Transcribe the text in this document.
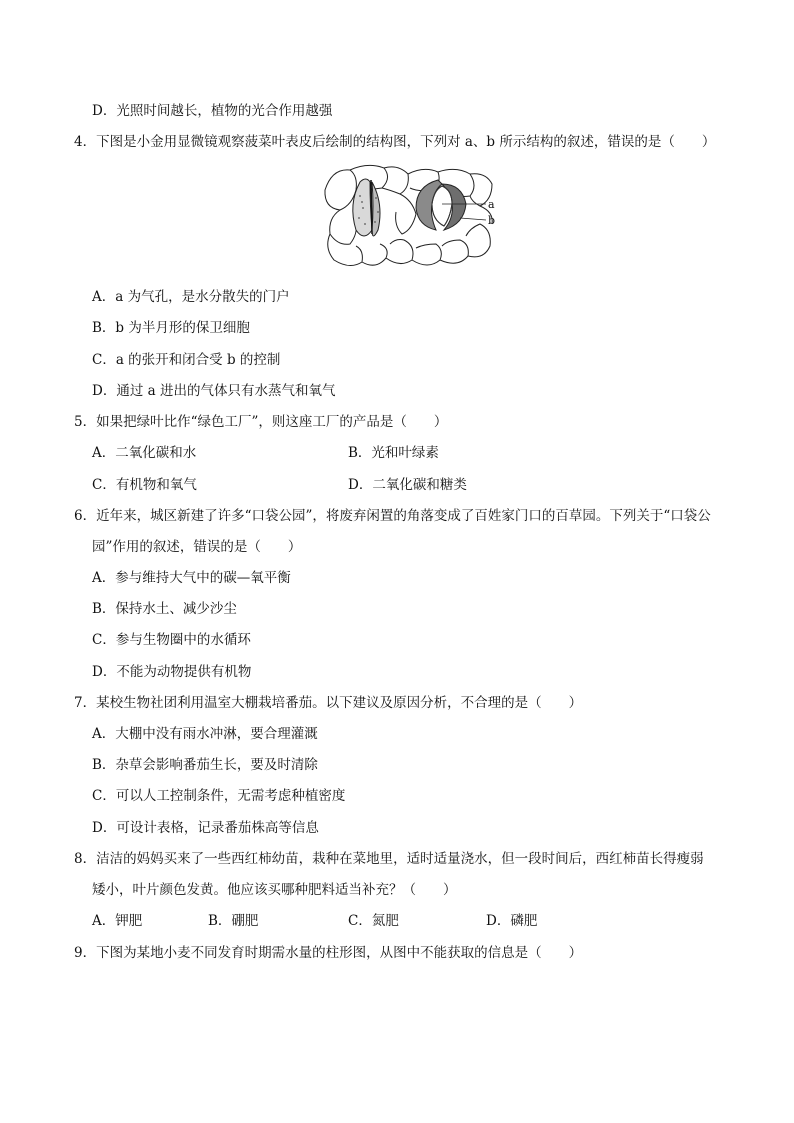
D．光照时间越长，植物的光合作用越强
4．下图是小金用显微镜观察菠菜叶表皮后绘制的结构图，下列对 a、b 所示结构的叙述，错误的是（　　）
a
b
A．a 为气孔，是水分散失的门户
B．b 为半月形的保卫细胞
C．a 的张开和闭合受 b 的控制
D．通过 a 进出的气体只有水蒸气和氧气
5．如果把绿叶比作“绿色工厂”，则这座工厂的产品是（　　）
A．二氧化碳和水	B．光和叶绿素
C．有机物和氧气	D．二氧化碳和糖类
6．近年来，城区新建了许多“口袋公园”，将废弃闲置的角落变成了百姓家门口的百草园。下列关于“口袋公
园”作用的叙述，错误的是（　　）
A．参与维持大气中的碳—氧平衡
B．保持水土、减少沙尘
C．参与生物圈中的水循环
D．不能为动物提供有机物
7．某校生物社团利用温室大棚栽培番茄。以下建议及原因分析，不合理的是（　　）
A．大棚中没有雨水冲淋，要合理灌溉
B．杂草会影响番茄生长，要及时清除
C．可以人工控制条件，无需考虑种植密度
D．可设计表格，记录番茄株高等信息
8．洁洁的妈妈买来了一些西红柿幼苗，栽种在菜地里，适时适量浇水，但一段时间后，西红柿苗长得瘦弱
矮小，叶片颜色发黄。他应该买哪种肥料适当补充？（　　）
A．钾肥	B．硼肥	C．氮肥	D．磷肥
9．下图为某地小麦不同发育时期需水量的柱形图，从图中不能获取的信息是（　　）
